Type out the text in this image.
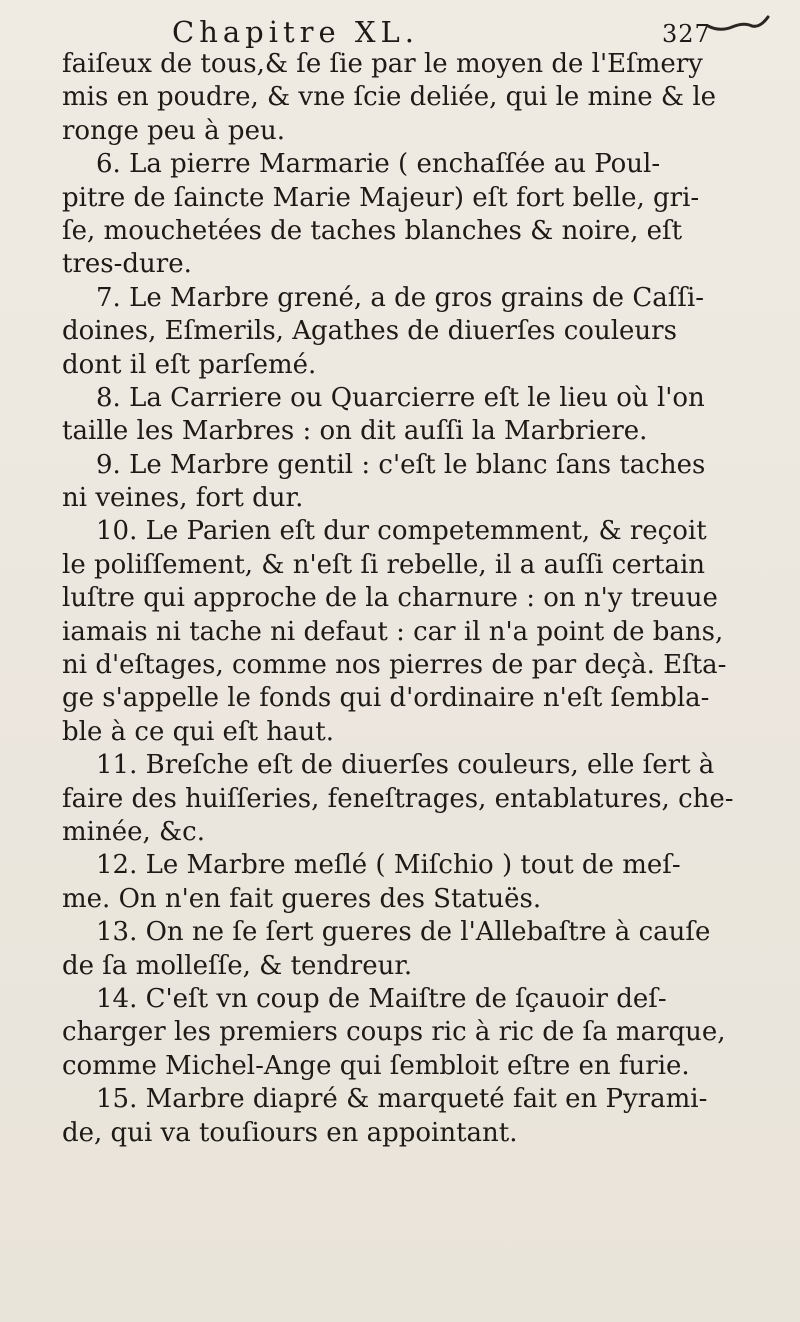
Chapitre XL.	327
faiſeux de tous,& ſe ſie par le moyen de l'Eſmery
mis en poudre, & vne ſcie deliée, qui le mine & le
ronge peu à peu.
6. La pierre Marmarie ( enchaſſée au Poul-
pitre de ſaincte Marie Majeur) eſt fort belle, gri-
ſe, mouchetées de taches blanches & noire, eſt
tres-dure.
7. Le Marbre grené, a de gros grains de Caſſi-
doines, Eſmerils, Agathes de diuerſes couleurs
dont il eſt parſemé.
8. La Carriere ou Quarcierre eſt le lieu où l'on
taille les Marbres : on dit auſſi la Marbriere.
9. Le Marbre gentil : c'eſt le blanc ſans taches
ni veines, fort dur.
10. Le Parien eſt dur competemment, & reçoit
le poliſſement, & n'eſt ſi rebelle, il a auſſi certain
luſtre qui approche de la charnure : on n'y treuue
iamais ni tache ni defaut : car il n'a point de bans,
ni d'eſtages, comme nos pierres de par deçà. Eſta-
ge s'appelle le fonds qui d'ordinaire n'eſt ſembla-
ble à ce qui eſt haut.
11. Breſche eſt de diuerſes couleurs, elle ſert à
faire des huiſſeries, feneſtrages, entablatures, che-
minée, &c.
12. Le Marbre meſlé ( Miſchio ) tout de meſ-
me. On n'en fait gueres des Statuës.
13. On ne ſe ſert gueres de l'Allebaſtre à cauſe
de ſa molleſſe, & tendreur.
14. C'eſt vn coup de Maiſtre de ſçauoir deſ-
charger les premiers coups ric à ric de ſa marque,
comme Michel-Ange qui ſembloit eſtre en furie.
15. Marbre diapré & marqueté fait en Pyrami-
de, qui va touſiours en appointant.
